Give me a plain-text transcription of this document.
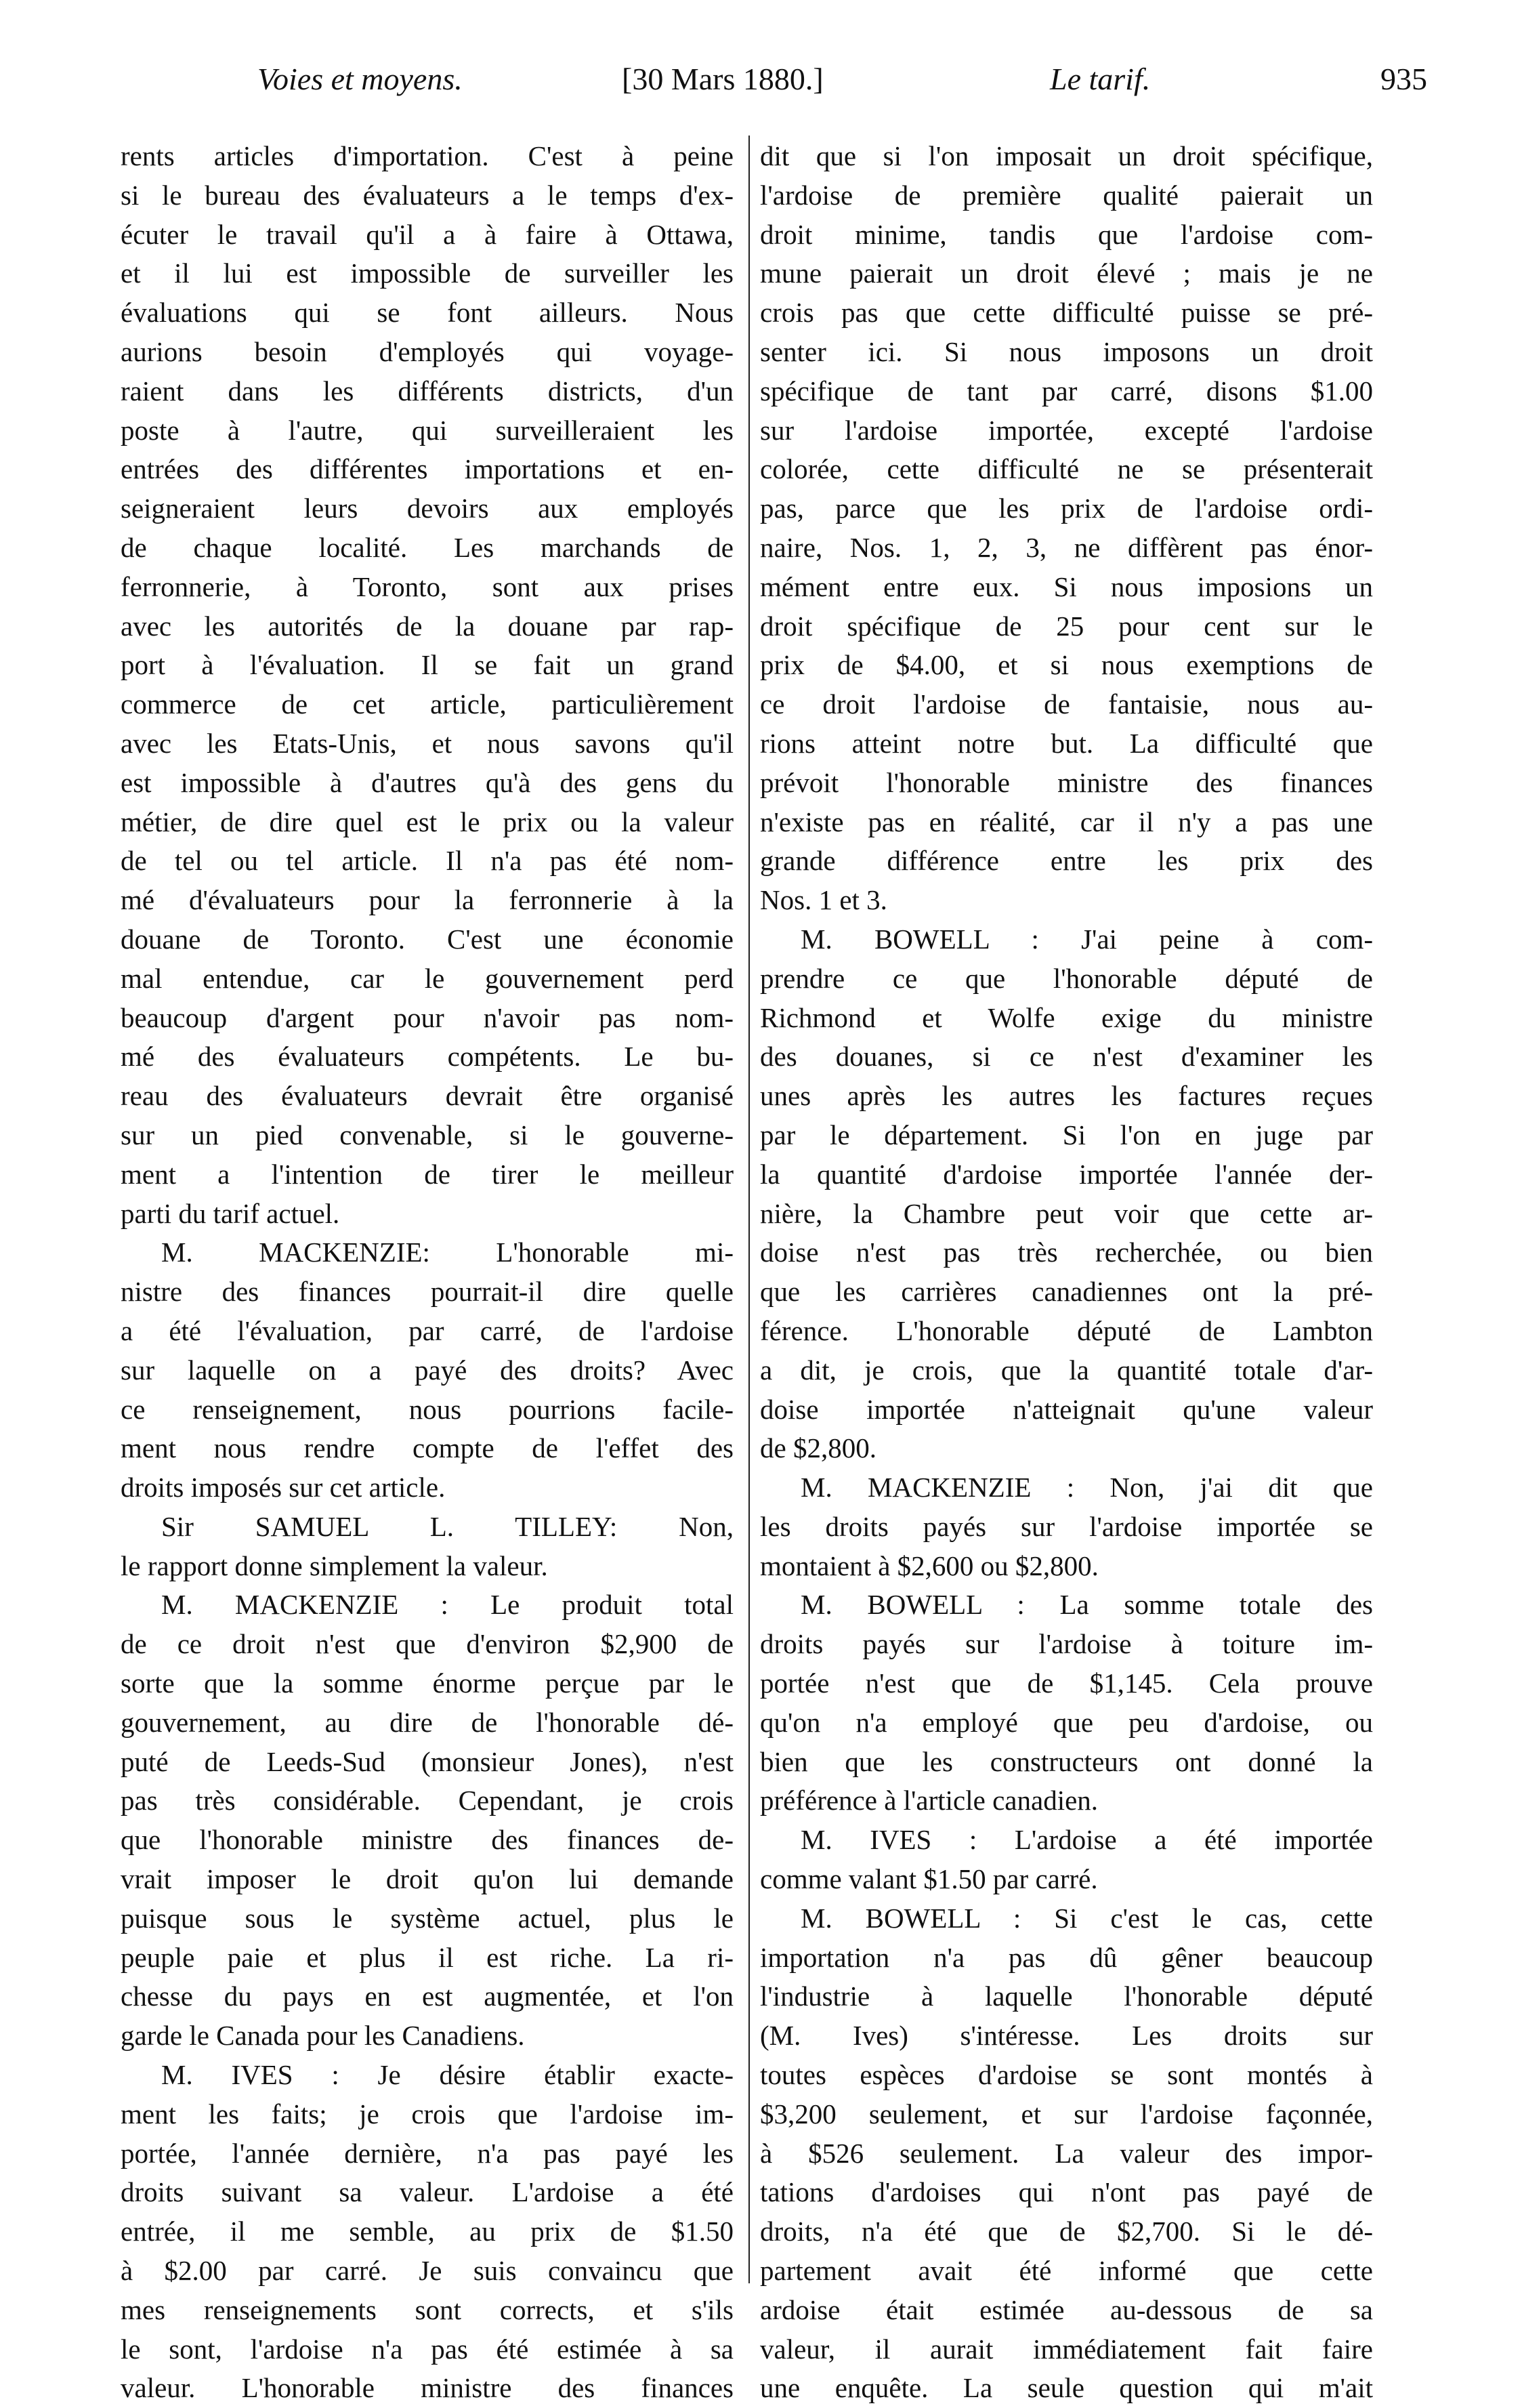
Voies et moyens.	[30 Mars 1880.]	Le tarif.	935

rents articles d'importation. C'est à peine

si le bureau des évaluateurs a le temps d'ex-

écuter le travail qu'il a à faire à Ottawa,

et il lui est impossible de surveiller les

évaluations qui se font ailleurs. Nous

aurions besoin d'employés qui voyage-

raient dans les différents districts, d'un

poste à l'autre, qui surveilleraient les

entrées des différentes importations et en-

seigneraient leurs devoirs aux employés

de chaque localité. Les marchands de

ferronnerie, à Toronto, sont aux prises

avec les autorités de la douane par rap-

port à l'évaluation. Il se fait un grand

commerce de cet article, particulièrement

avec les Etats-Unis, et nous savons qu'il

est impossible à d'autres qu'à des gens du

métier, de dire quel est le prix ou la valeur

de tel ou tel article. Il n'a pas été nom-

mé d'évaluateurs pour la ferronnerie à la

douane de Toronto. C'est une économie

mal entendue, car le gouvernement perd

beaucoup d'argent pour n'avoir pas nom-

mé des évaluateurs compétents. Le bu-

reau des évaluateurs devrait être organisé

sur un pied convenable, si le gouverne-

ment a l'intention de tirer le meilleur

parti du tarif actuel.

M. MACKENZIE: L'honorable mi-

nistre des finances pourrait-il dire quelle

a été l'évaluation, par carré, de l'ardoise

sur laquelle on a payé des droits? Avec

ce renseignement, nous pourrions facile-

ment nous rendre compte de l'effet des

droits imposés sur cet article.

Sir SAMUEL L. TILLEY: Non,

le rapport donne simplement la valeur.

M. MACKENZIE : Le produit total

de ce droit n'est que d'environ $2,900 de

sorte que la somme énorme perçue par le

gouvernement, au dire de l'honorable dé-

puté de Leeds-Sud (monsieur Jones), n'est

pas très considérable. Cependant, je crois

que l'honorable ministre des finances de-

vrait imposer le droit qu'on lui demande

puisque sous le système actuel, plus le

peuple paie et plus il est riche. La ri-

chesse du pays en est augmentée, et l'on

garde le Canada pour les Canadiens.

M. IVES : Je désire établir exacte-

ment les faits; je crois que l'ardoise im-

portée, l'année dernière, n'a pas payé les

droits suivant sa valeur. L'ardoise a été

entrée, il me semble, au prix de $1.50

à $2.00 par carré. Je suis convaincu que

mes renseignements sont corrects, et s'ils

le sont, l'ardoise n'a pas été estimée à sa

valeur. L'honorable ministre des finances

dit que si l'on imposait un droit spécifique,

l'ardoise de première qualité paierait un

droit minime, tandis que l'ardoise com-

mune paierait un droit élevé ; mais je ne

crois pas que cette difficulté puisse se pré-

senter ici. Si nous imposons un droit

spécifique de tant par carré, disons $1.00

sur l'ardoise importée, excepté l'ardoise

colorée, cette difficulté ne se présenterait

pas, parce que les prix de l'ardoise ordi-

naire, Nos. 1, 2, 3, ne diffèrent pas énor-

mément entre eux. Si nous imposions un

droit spécifique de 25 pour cent sur le

prix de $4.00, et si nous exemptions de

ce droit l'ardoise de fantaisie, nous au-

rions atteint notre but. La difficulté que

prévoit l'honorable ministre des finances

n'existe pas en réalité, car il n'y a pas une

grande différence entre les prix des

Nos. 1 et 3.

M. BOWELL : J'ai peine à com-

prendre ce que l'honorable député de

Richmond et Wolfe exige du ministre

des douanes, si ce n'est d'examiner les

unes après les autres les factures reçues

par le département. Si l'on en juge par

la quantité d'ardoise importée l'année der-

nière, la Chambre peut voir que cette ar-

doise n'est pas très recherchée, ou bien

que les carrières canadiennes ont la pré-

férence. L'honorable député de Lambton

a dit, je crois, que la quantité totale d'ar-

doise importée n'atteignait qu'une valeur

de $2,800.

M. MACKENZIE : Non, j'ai dit que

les droits payés sur l'ardoise importée se

montaient à $2,600 ou $2,800.

M. BOWELL : La somme totale des

droits payés sur l'ardoise à toiture im-

portée n'est que de $1,145. Cela prouve

qu'on n'a employé que peu d'ardoise, ou

bien que les constructeurs ont donné la

préférence à l'article canadien.

M. IVES : L'ardoise a été importée

comme valant $1.50 par carré.

M. BOWELL : Si c'est le cas, cette

importation n'a pas dû gêner beaucoup

l'industrie à laquelle l'honorable député

(M. Ives) s'intéresse. Les droits sur

toutes espèces d'ardoise se sont montés à

$3,200 seulement, et sur l'ardoise façonnée,

à $526 seulement. La valeur des impor-

tations d'ardoises qui n'ont pas payé de

droits, n'a été que de $2,700. Si le dé-

partement avait été informé que cette

ardoise était estimée au-dessous de sa

valeur, il aurait immédiatement fait faire

une enquête. La seule question qui m'ait
